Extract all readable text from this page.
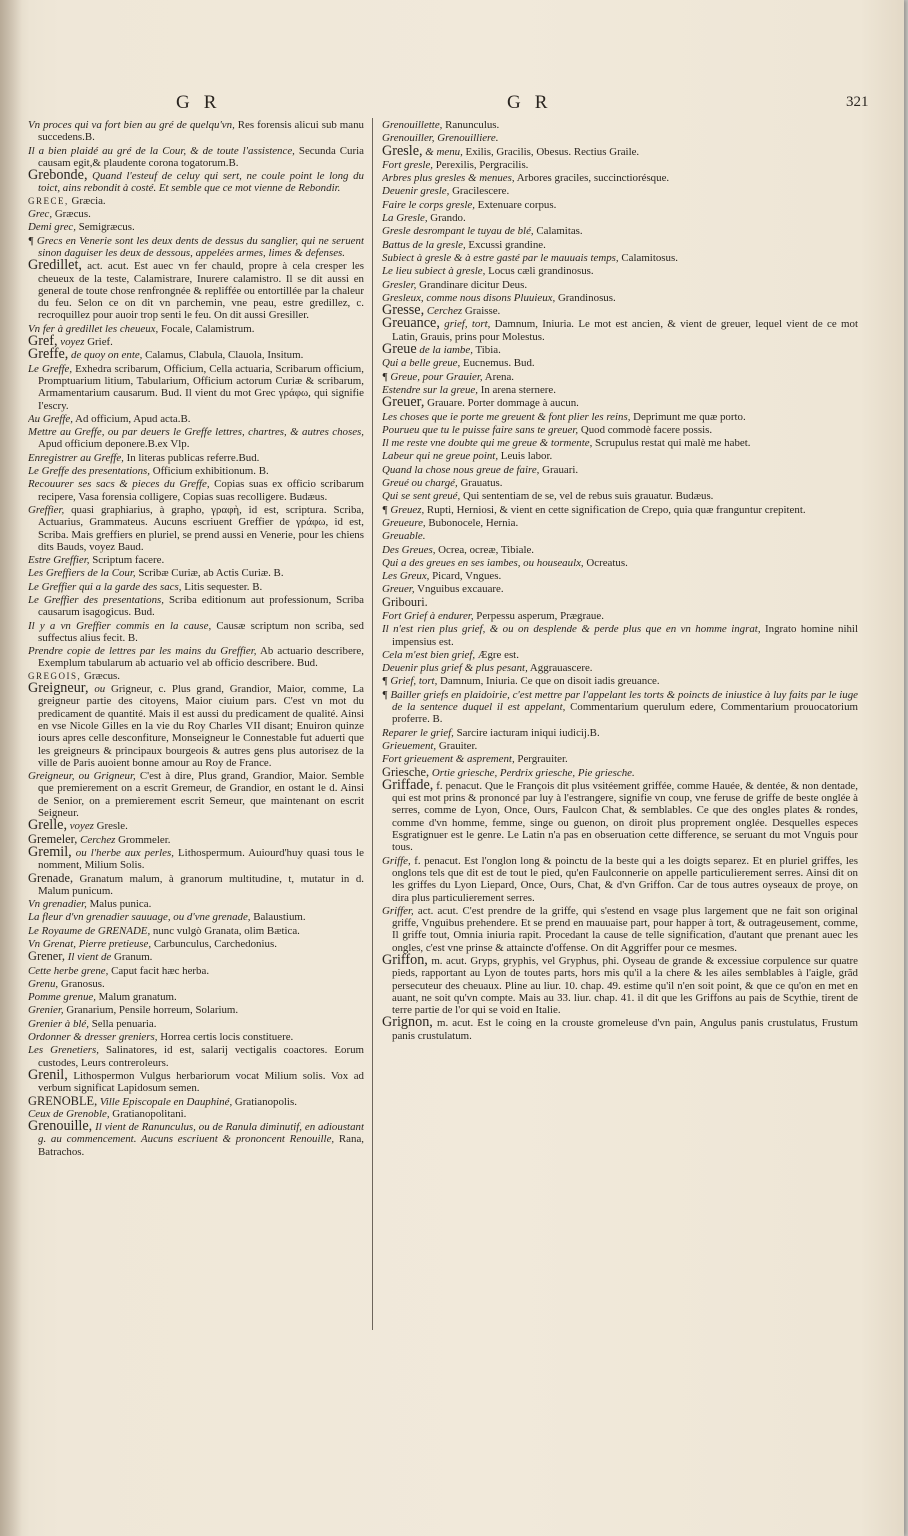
GR	GR	321

Vn proces qui va fort bien au gré de quelqu'vn, Res forensis alicui sub manu succedens.B.

Il a bien plaidé au gré de la Cour, & de toute l'assistence, Secunda Curia causam egit,& plaudente corona togatorum.B.

Grebonde, Quand l'esteuf de celuy qui sert, ne coule point le long du toict, ains rebondit à costé. Et semble que ce mot vienne de Rebondir.

GRECE, Græcia.

Grec, Græcus.

Demi grec, Semigræcus.

¶ Grecs en Venerie sont les deux dents de dessus du sanglier, qui ne seruent sinon daguiser les deux de dessous, appelées armes, limes & defenses.

Gredillet, act. acut. Est auec vn fer chauld, propre à cela cresper les cheueux de la teste, Calamistrare, Inurere calamistro. Il se dit aussi en general de toute chose renfrongnée & repliffée ou entortillée par la chaleur du feu. Selon ce on dit vn parchemin, vne peau, estre gredillez, c. recroquillez pour auoir trop senti le feu. On dit aussi Gresiller.

Vn fer à gredillet les cheueux, Focale, Calamistrum.

Gref, voyez Grief.

Greffe, de quoy on ente, Calamus, Clabula, Clauola, Insitum.

Le Greffe, Exhedra scribarum, Officium, Cella actuaria, Scribarum officium, Promptuarium litium, Tabularium, Officium actorum Curiæ & scribarum, Armamentarium causarum. Bud. Il vient du mot Grec γράφω, qui signifie I'escry.

Au Greffe, Ad officium, Apud acta.B.

Mettre au Greffe, ou par deuers le Greffe lettres, chartres, & autres choses, Apud officium deponere.B.ex Vlp.

Enregistrer au Greffe, In literas publicas referre.Bud.

Le Greffe des presentations, Officium exhibitionum. B.

Recouurer ses sacs & pieces du Greffe, Copias suas ex officio scribarum recipere, Vasa forensia colligere, Copias suas recolligere. Budæus.

Greffier, quasi graphiarius, à grapho, γραφὴ, id est, scriptura. Scriba, Actuarius, Grammateus. Aucuns escriuent Greffier de γράφω, id est, Scriba. Mais greffiers en pluriel, se prend aussi en Venerie, pour les chiens dits Bauds, voyez Baud.

Estre Greffier, Scriptum facere.

Les Greffiers de la Cour, Scribæ Curiæ, ab Actis Curiæ. B.

Le Greffier qui a la garde des sacs, Litis sequester. B.

Le Greffier des presentations, Scriba editionum aut professionum, Scriba causarum isagogicus. Bud.

Il y a vn Greffier commis en la cause, Causæ scriptum non scriba, sed suffectus alius fecit. B.

Prendre copie de lettres par les mains du Greffier, Ab actuario describere, Exemplum tabularum ab actuario vel ab officio describere. Bud.

GREGOIS, Græcus.

Greigneur, ou Grigneur, c. Plus grand, Grandior, Maior, comme, La greigneur partie des citoyens, Maior ciuium pars. C'est vn mot du predicament de quantité. Mais il est aussi du predicament de qualité. Ainsi en vse Nicole Gilles en la vie du Roy Charles VII disant; Enuiron quinze iours apres celle desconfiture, Monseigneur le Connestable fut aduerti que les greigneurs & principaux bourgeois & autres gens plus autorisez de la ville de Paris auoient bonne amour au Roy de France.

Greigneur, ou Grigneur, C'est à dire, Plus grand, Grandior, Maior. Semble que premierement on a escrit Gremeur, de Grandior, en ostant le d. Ainsi de Senior, on a premierement escrit Semeur, que maintenant on escrit Seigneur.

Grelle, voyez Gresle.

Gremeler, Cerchez Grommeler.

Gremil, ou l'herbe aux perles, Lithospermum. Auiourd'huy quasi tous le nomment, Milium Solis.

Grenade, Granatum malum, à granorum multitudine, t, mutatur in d. Malum punicum.

Vn grenadier, Malus punica.

La fleur d'vn grenadier sauuage, ou d'vne grenade, Balaustium.

Le Royaume de GRENADE, nunc vulgò Granata, olim Bætica.

Vn Grenat, Pierre pretieuse, Carbunculus, Carchedonius.

Grener, Il vient de Granum.

Cette herbe grene, Caput facit hæc herba.

Grenu, Granosus.

Pomme grenue, Malum granatum.

Grenier, Granarium, Pensile horreum, Solarium.

Grenier à blé, Sella penuaria.

Ordonner & dresser greniers, Horrea certis locis constituere.

Les Grenetiers, Salinatores, id est, salarij vectigalis coactores. Eorum custodes, Leurs contreroleurs.

Grenil, Lithospermon Vulgus herbariorum vocat Milium solis. Vox ad verbum significat Lapidosum semen.

GRENOBLE, Ville Episcopale en Dauphiné, Gratianopolis.

Ceux de Grenoble, Gratianopolitani.

Grenouille, Il vient de Ranunculus, ou de Ranula diminutif, en adioustant g. au commencement. Aucuns escriuent & prononcent Renouille, Rana, Batrachos.

Grenouillette, Ranunculus.

Grenouiller, Grenouilliere.

Gresle, & menu, Exilis, Gracilis, Obesus. Rectius Graile.

Fort gresle, Perexilis, Pergracilis.

Arbres plus gresles & menues, Arbores graciles, succinctiorésque.

Deuenir gresle, Gracilescere.

Faire le corps gresle, Extenuare corpus.

La Gresle, Grando.

Gresle desrompant le tuyau de blé, Calamitas.

Battus de la gresle, Excussi grandine.

Subiect à gresle & à estre gasté par le mauuais temps, Calamitosus.

Le lieu subiect à gresle, Locus cæli grandinosus.

Gresler, Grandinare dicitur Deus.

Gresleux, comme nous disons Pluuieux, Grandinosus.

Gresse, Cerchez Graisse.

Greuance, grief, tort, Damnum, Iniuria. Le mot est ancien, & vient de greuer, lequel vient de ce mot Latin, Grauis, prins pour Molestus.

Greue de la iambe, Tibia.

Qui a belle greue, Eucnemus. Bud.

¶ Greue, pour Grauier, Arena.

Estendre sur la greue, In arena sternere.

Greuer, Grauare. Porter dommage à aucun.

Les choses que ie porte me greuent & font plier les reins, Deprimunt me quæ porto.

Pourueu que tu le puisse faire sans te greuer, Quod commodè facere possis.

Il me reste vne doubte qui me greue & tormente, Scrupulus restat qui malè me habet.

Labeur qui ne greue point, Leuis labor.

Quand la chose nous greue de faire, Grauari.

Greué ou chargé, Grauatus.

Qui se sent greué, Qui sententiam de se, vel de rebus suis grauatur. Budæus.

¶ Greuez, Rupti, Herniosi, & vient en cette signification de Crepo, quia quæ franguntur crepitent.

Greueure, Bubonocele, Hernia.

Greuable.

Des Greues, Ocrea, ocreæ, Tibiale.

Qui a des greues en ses iambes, ou houseaulx, Ocreatus.

Les Greux, Picard, Vngues.

Greuer, Vnguibus excauare.

Gribouri.

Fort Grief à endurer, Perpessu asperum, Prægraue.

Il n'est rien plus grief, & ou on desplende & perde plus que en vn homme ingrat, Ingrato homine nihil impensius est.

Cela m'est bien grief, Ægre est.

Deuenir plus grief & plus pesant, Aggrauascere.

¶ Grief, tort, Damnum, Iniuria. Ce que on disoit iadis greuance.

¶ Bailler griefs en plaidoirie, c'est mettre par l'appelant les torts & poincts de iniustice à luy faits par le iuge de la sentence duquel il est appelant, Commentarium querulum edere, Commentarium prouocatorium proferre. B.

Reparer le grief, Sarcire iacturam iniqui iudicij.B.

Grieuement, Grauiter.

Fort grieuement & asprement, Pergrauiter.

Griesche, Ortie griesche, Perdrix griesche, Pie griesche.

Griffade, f. penacut. Que le François dit plus vsitéement griffée, comme Hauée, & dentée, & non dentade, qui est mot prins & prononcé par luy à l'estrangere, signifie vn coup, vne feruse de griffe de beste onglée à serres, comme de Lyon, Once, Ours, Faulcon Chat, & semblables. Ce que des ongles plates & rondes, comme d'vn homme, femme, singe ou guenon, on diroit plus proprement onglée. Desquelles especes Esgratignuer est le genre. Le Latin n'a pas en obseruation cette difference, se seruant du mot Vnguis pour tous.

Griffe, f. penacut. Est l'onglon long & poinctu de la beste qui a les doigts separez. Et en pluriel griffes, les onglons tels que dit est de tout le pied, qu'en Faulconnerie on appelle particulierement serres. Ainsi dit on les griffes du Lyon Liepard, Once, Ours, Chat, & d'vn Griffon. Car de tous autres oyseaux de proye, on dira plus particulierement serres.

Griffer, act. acut. C'est prendre de la griffe, qui s'estend en vsage plus largement que ne fait son original griffe, Vnguibus prehendere. Et se prend en mauuaise part, pour happer à tort, & outrageusement, comme, Il griffe tout, Omnia iniuria rapit. Procedant la cause de telle signification, d'autant que prenant auec les ongles, c'est vne prinse & attaincte d'offense. On dit Aggriffer pour ce mesmes.

Griffon, m. acut. Gryps, gryphis, vel Gryphus, phi. Oyseau de grande & excessiue corpulence sur quatre pieds, rapportant au Lyon de toutes parts, hors mis qu'il a la chere & les ailes semblables à l'aigle, grãd persecuteur des cheuaux. Pline au liur. 10. chap. 49. estime qu'il n'en soit point, & que ce qu'on en met en auant, ne soit qu'vn compte. Mais au 33. liur. chap. 41. il dit que les Griffons au pais de Scythie, tirent de terre partie de l'or qui se void en Italie.

Grignon, m. acut. Est le coing en la crouste gromeleuse d'vn pain, Angulus panis crustulatus, Frustum panis crustulatum.
